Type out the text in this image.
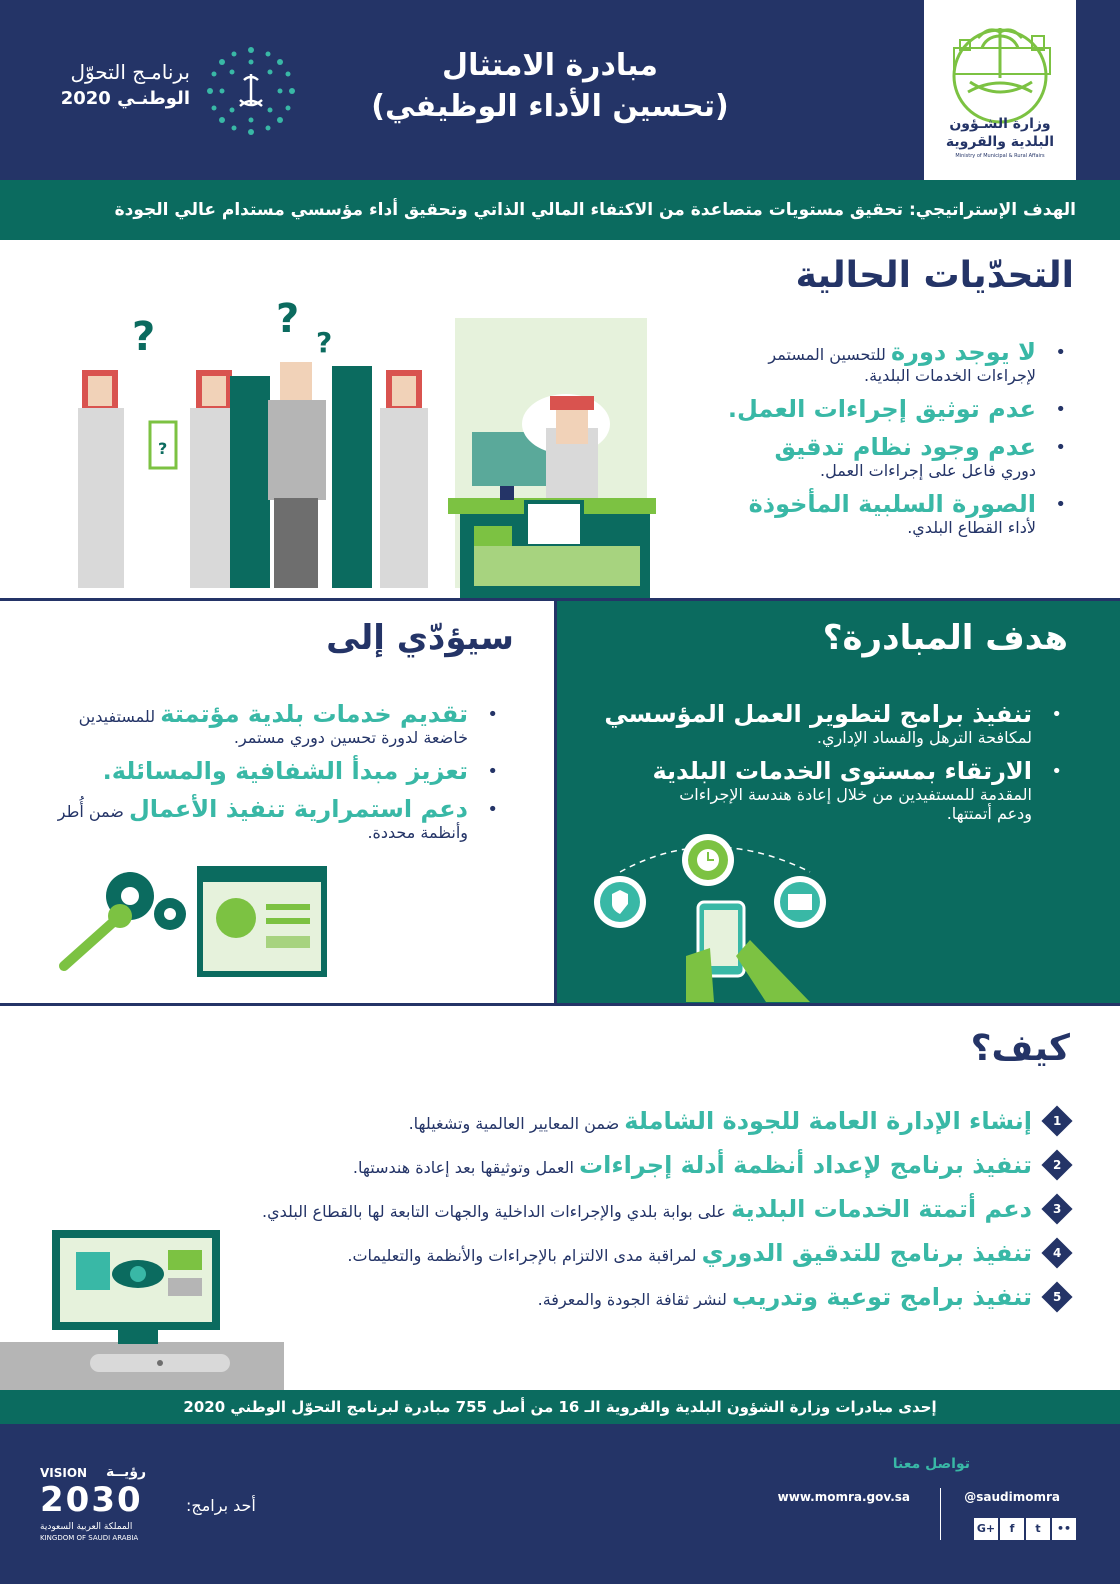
وزارة الشـؤون
البلدية والقروية
Ministry of Municipal & Rural Affairs
مبادرة الامتثال
(تحسين الأداء الوظيفي)
برنامـج التحوّل
الوطنـي 2020
الهدف الإستراتيجي: تحقيق مستويات متصاعدة من الاكتفاء المالي الذاتي وتحقيق أداء مؤسسي مستدام عالي الجودة
التحدّيات الحالية
?	?
?
?
• لا يوجد دورة للتحسين المستمر
لإجراءات الخدمات البلدية.
• عدم توثيق إجراءات العمل.
• عدم وجود نظام تدقيق
دوري فاعل على إجراءات العمل.
• الصورة السلبية المأخوذة
لأداء القطاع البلدي.
هدف المبادرة؟
سيؤدّي إلى
• تنفيذ برامج لتطوير العمل المؤسسي
لمكافحة الترهل والفساد الإداري.
• الارتقاء بمستوى الخدمات البلدية
المقدمة للمستفيدين من خلال إعادة هندسة الإجراءات
ودعم أتمتتها.
• تقديم خدمات بلدية مؤتمتة للمستفيدين
خاضعة لدورة تحسين دوري مستمر.
• تعزيز مبدأ الشفافية والمسائلة.
• دعم استمرارية تنفيذ الأعمال ضمن أُطر
وأنظمة محددة.
كيف؟
1
إنشاء الإدارة العامة للجودة الشاملة ضمن المعايير العالمية وتشغيلها.
2
تنفيذ برنامج لإعداد أنظمة أدلة إجراءات العمل وتوثيقها بعد إعادة هندستها.
3
دعم أتمتة الخدمات البلدية على بوابة بلدي والإجراءات الداخلية والجهات التابعة لها بالقطاع البلدي.
4
تنفيذ برنامج للتدقيق الدوري لمراقبة مدى الالتزام بالإجراءات والأنظمة والتعليمات.
5
تنفيذ برامج توعية وتدريب لنشر ثقافة الجودة والمعرفة.
إحدى مبادرات وزارة الشؤون البلدية والقروية الـ 16 من أصل 755 مبادرة لبرنامج التحوّل الوطني 2020
تواصل معنا
www.momra.gov.sa	@saudimomra
G+	f	t	••
أحد برامج:
VISION رؤيــة
2030
المملكة العربية السعودية
KINGDOM OF SAUDI ARABIA
